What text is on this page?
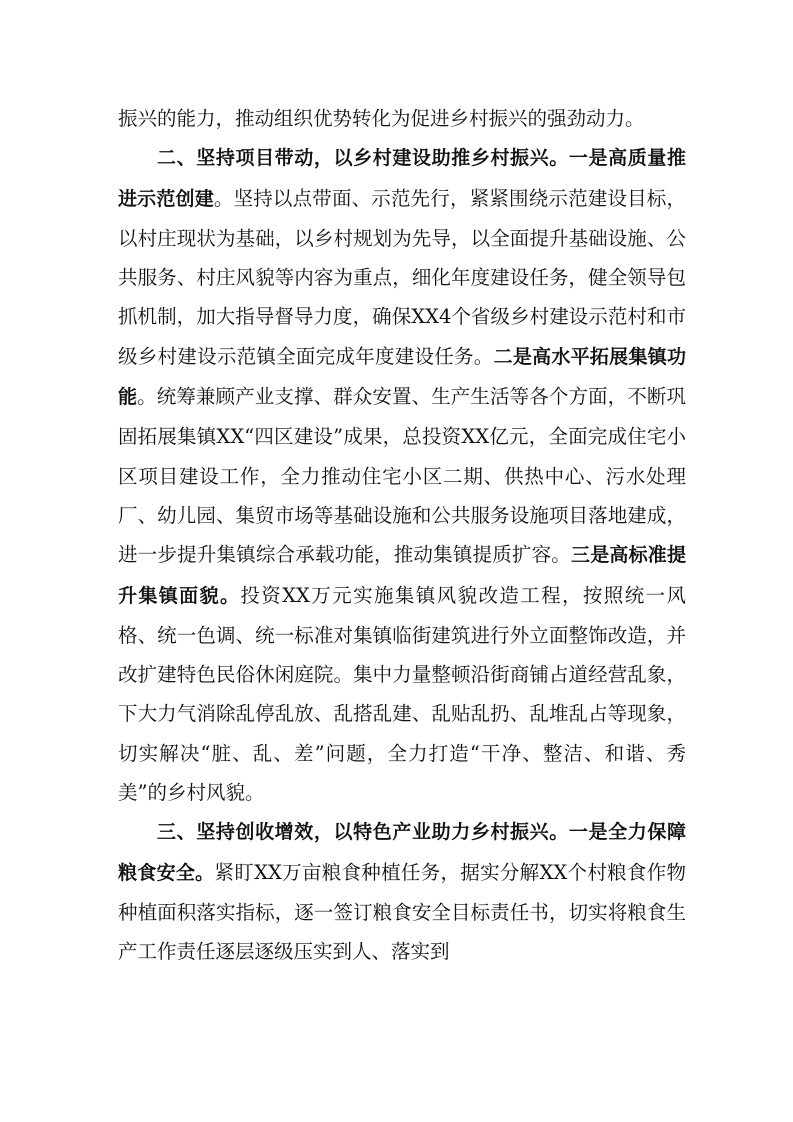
振兴的能力，推动组织优势转化为促进乡村振兴的强劲动力。

二、坚持项目带动，以乡村建设助推乡村振兴。一是高质量推进示范创建。坚持以点带面、示范先行，紧紧围绕示范建设目标，以村庄现状为基础，以乡村规划为先导，以全面提升基础设施、公共服务、村庄风貌等内容为重点，细化年度建设任务，健全领导包抓机制，加大指导督导力度，确保XX4个省级乡村建设示范村和市级乡村建设示范镇全面完成年度建设任务。二是高水平拓展集镇功能。统筹兼顾产业支撑、群众安置、生产生活等各个方面，不断巩固拓展集镇XX“四区建设”成果，总投资XX亿元，全面完成住宅小区项目建设工作，全力推动住宅小区二期、供热中心、污水处理厂、幼儿园、集贸市场等基础设施和公共服务设施项目落地建成，进一步提升集镇综合承载功能，推动集镇提质扩容。三是高标准提升集镇面貌。投资XX万元实施集镇风貌改造工程，按照统一风格、统一色调、统一标准对集镇临街建筑进行外立面整饰改造，并改扩建特色民俗休闲庭院。集中力量整顿沿街商铺占道经营乱象，下大力气消除乱停乱放、乱搭乱建、乱贴乱扔、乱堆乱占等现象，切实解决“脏、乱、差”问题，全力打造“干净、整洁、和谐、秀美”的乡村风貌。

三、坚持创收增效，以特色产业助力乡村振兴。一是全力保障粮食安全。紧盯XX万亩粮食种植任务，据实分解XX个村粮食作物种植面积落实指标，逐一签订粮食安全目标责任书，切实将粮食生产工作责任逐层逐级压实到人、落实到
